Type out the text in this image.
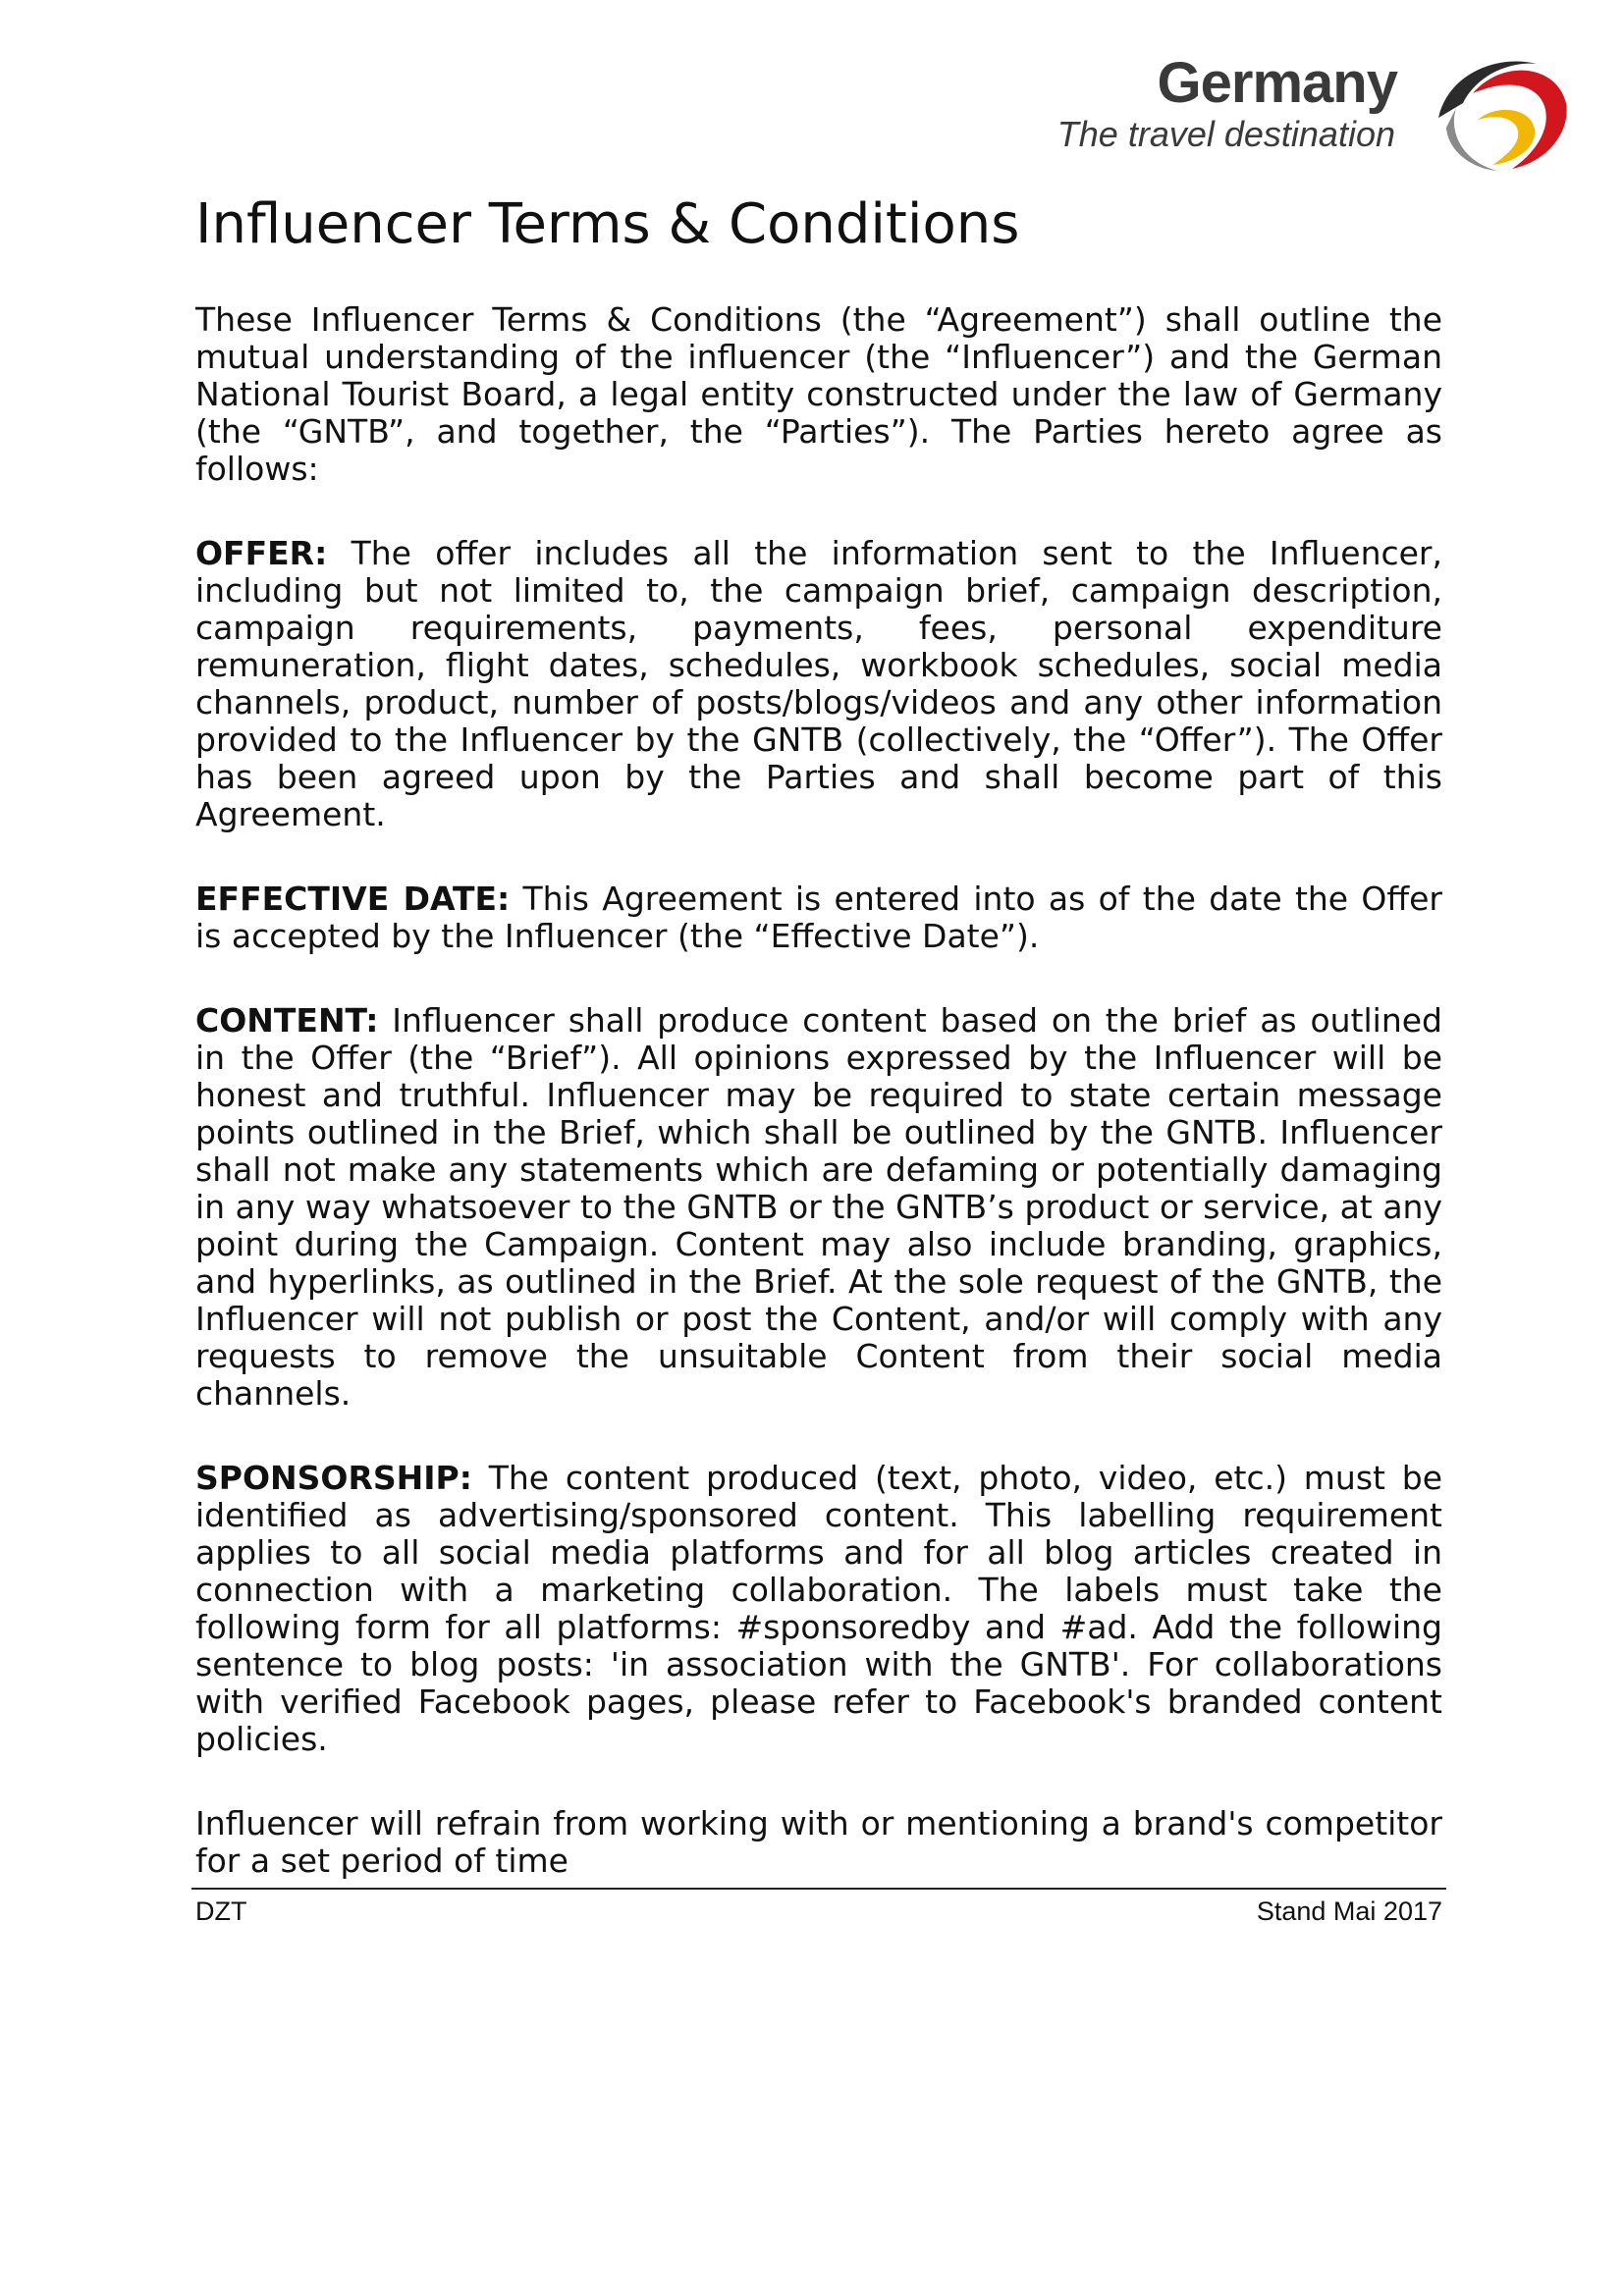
Germany
The travel destination
Influencer Terms & Conditions

These Influencer Terms & Conditions (the “Agreement”) shall outline the mutual understanding of the influencer (the “Influencer”) and the German National Tourist Board, a legal entity constructed under the law of Germany (the “GNTB”, and together, the “Parties”). The Parties hereto agree as follows:

OFFER: The offer includes all the information sent to the Influencer, including but not limited to, the campaign brief, campaign description, campaign requirements, payments, fees, personal expenditure remuneration, flight dates, schedules, workbook schedules, social media channels, product, number of posts/blogs/videos and any other information provided to the Influencer by the GNTB (collectively, the “Offer”). The Offer has been agreed upon by the Parties and shall become part of this Agreement.

EFFECTIVE DATE: This Agreement is entered into as of the date the Offer is accepted by the Influencer (the “Effective Date”).

CONTENT: Influencer shall produce content based on the brief as outlined in the Offer (the “Brief”). All opinions expressed by the Influencer will be honest and truthful. Influencer may be required to state certain message points outlined in the Brief, which shall be outlined by the GNTB. Influencer shall not make any statements which are defaming or potentially damaging in any way whatsoever to the GNTB or the GNTB’s product or service, at any point during the Campaign. Content may also include branding, graphics, and hyperlinks, as outlined in the Brief. At the sole request of the GNTB, the Influencer will not publish or post the Content, and/or will comply with any requests to remove the unsuitable Content from their social media channels.

SPONSORSHIP: The content produced (text, photo, video, etc.) must be identified as advertising/sponsored content. This labelling requirement applies to all social media platforms and for all blog articles created in connection with a marketing collaboration. The labels must take the following form for all platforms: #sponsoredby and #ad. Add the following sentence to blog posts: 'in association with the GNTB'. For collaborations with verified Facebook pages, please refer to Facebook's branded content policies.

Influencer will refrain from working with or mentioning a brand's competitor for a set period of time

DZT	Stand Mai 2017
